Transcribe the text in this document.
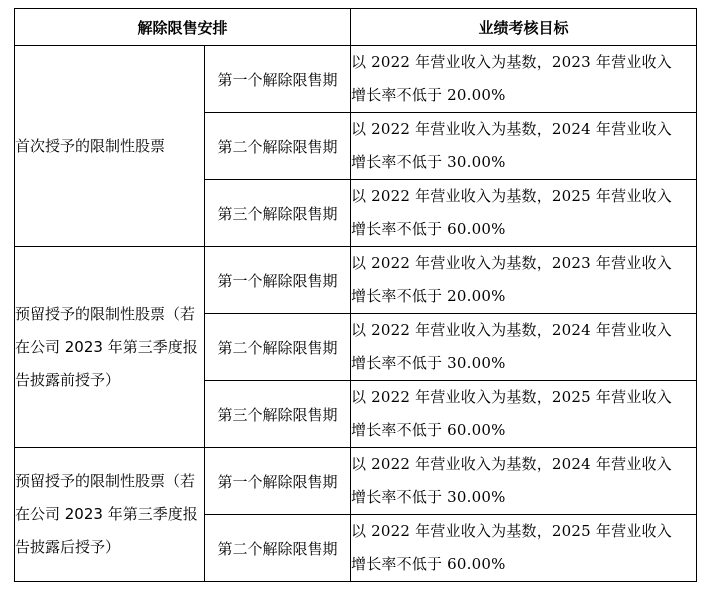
解除限售安排		业绩考核目标
首次授予的限制性股票	第一个解除限售期	以 2022 年营业收入为基数，2023 年营业收入
增长率不低于 20.00%

	第二个解除限售期	以 2022 年营业收入为基数，2024 年营业收入
增长率不低于 30.00%

	第三个解除限售期	以 2022 年营业收入为基数，2025 年营业收入
增长率不低于 60.00%

预留授予的限制性股票（若在公司 2023 年第三季度报告披露前授予）	第一个解除限售期	以 2022 年营业收入为基数，2023 年营业收入
增长率不低于 20.00%

	第二个解除限售期	以 2022 年营业收入为基数，2024 年营业收入
增长率不低于 30.00%

	第三个解除限售期	以 2022 年营业收入为基数，2025 年营业收入
增长率不低于 60.00%

预留授予的限制性股票（若在公司 2023 年第三季度报告披露后授予）	第一个解除限售期	以 2022 年营业收入为基数，2024 年营业收入
增长率不低于 30.00%

	第二个解除限售期	以 2022 年营业收入为基数，2025 年营业收入
增长率不低于 60.00%
